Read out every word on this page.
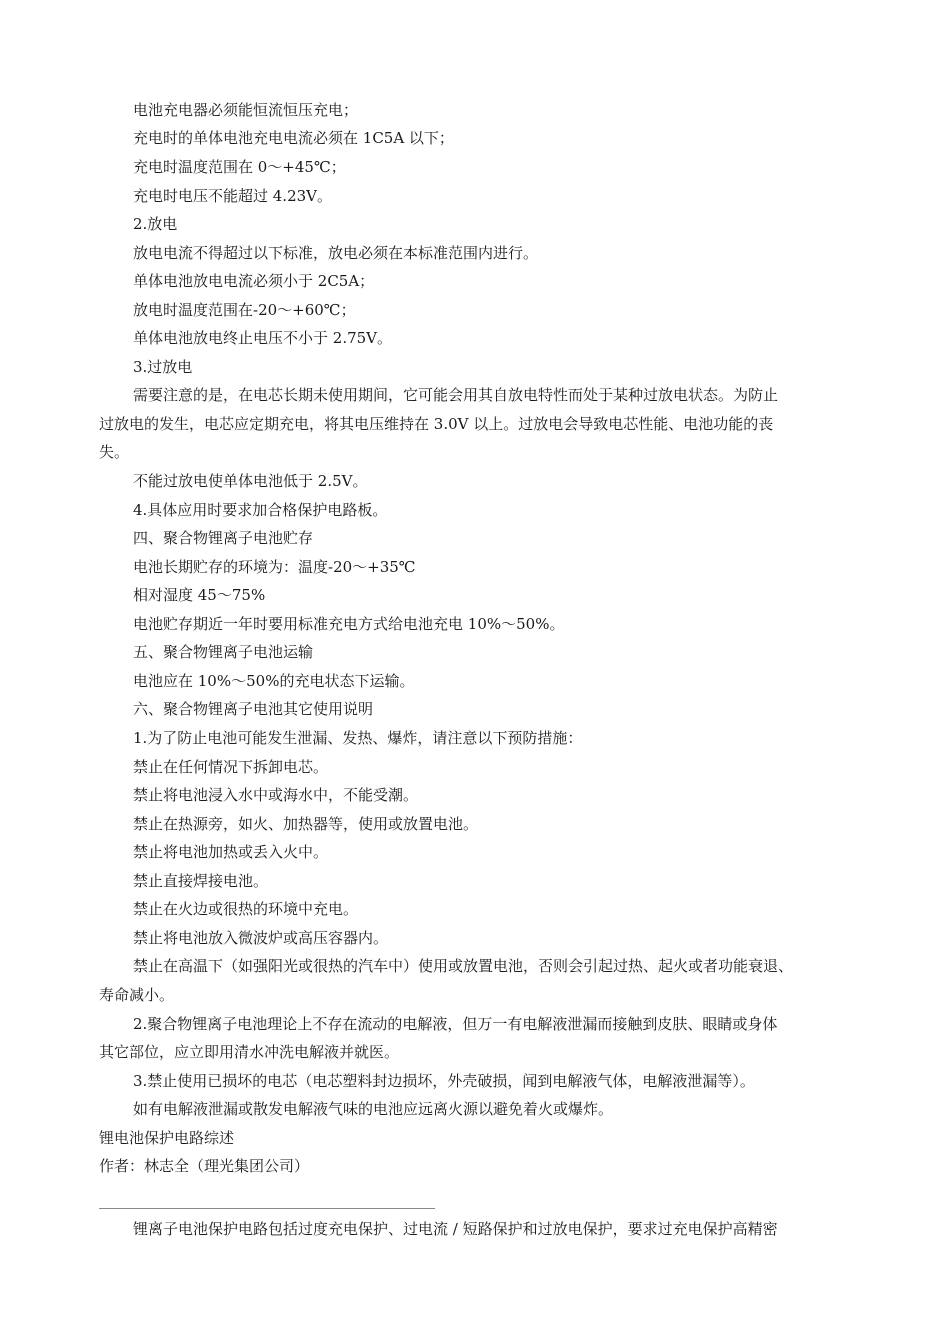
电池充电器必须能恒流恒压充电；
充电时的单体电池充电电流必须在 1C5A 以下；
充电时温度范围在 0～+45℃；
充电时电压不能超过 4.23V。
2.放电
放电电流不得超过以下标准，放电必须在本标准范围内进行。
单体电池放电电流必须小于 2C5A；
放电时温度范围在-20～+60℃；
单体电池放电终止电压不小于 2.75V。
3.过放电
需要注意的是，在电芯长期未使用期间，它可能会用其自放电特性而处于某种过放电状态。为防止
过放电的发生，电芯应定期充电，将其电压维持在 3.0V 以上。过放电会导致电芯性能、电池功能的丧
失。
不能过放电使单体电池低于 2.5V。
4.具体应用时要求加合格保护电路板。
四、聚合物锂离子电池贮存
电池长期贮存的环境为：温度-20～+35℃
相对湿度 45～75%
电池贮存期近一年时要用标准充电方式给电池充电 10%～50%。
五、聚合物锂离子电池运输
电池应在 10%～50%的充电状态下运输。
六、聚合物锂离子电池其它使用说明
1.为了防止电池可能发生泄漏、发热、爆炸，请注意以下预防措施：
禁止在任何情况下拆卸电芯。
禁止将电池浸入水中或海水中，不能受潮。
禁止在热源旁，如火、加热器等，使用或放置电池。
禁止将电池加热或丢入火中。
禁止直接焊接电池。
禁止在火边或很热的环境中充电。
禁止将电池放入微波炉或高压容器内。
禁止在高温下（如强阳光或很热的汽车中）使用或放置电池，否则会引起过热、起火或者功能衰退、
寿命减小。
2.聚合物锂离子电池理论上不存在流动的电解液，但万一有电解液泄漏而接触到皮肤、眼睛或身体
其它部位，应立即用清水冲洗电解液并就医。
3.禁止使用已损坏的电芯（电芯塑料封边损坏，外壳破损，闻到电解液气体，电解液泄漏等）。
如有电解液泄漏或散发电解液气味的电池应远离火源以避免着火或爆炸。
锂电池保护电路综述
作者：林志全（理光集团公司）
锂离子电池保护电路包括过度充电保护、过电流 / 短路保护和过放电保护，要求过充电保护高精密
